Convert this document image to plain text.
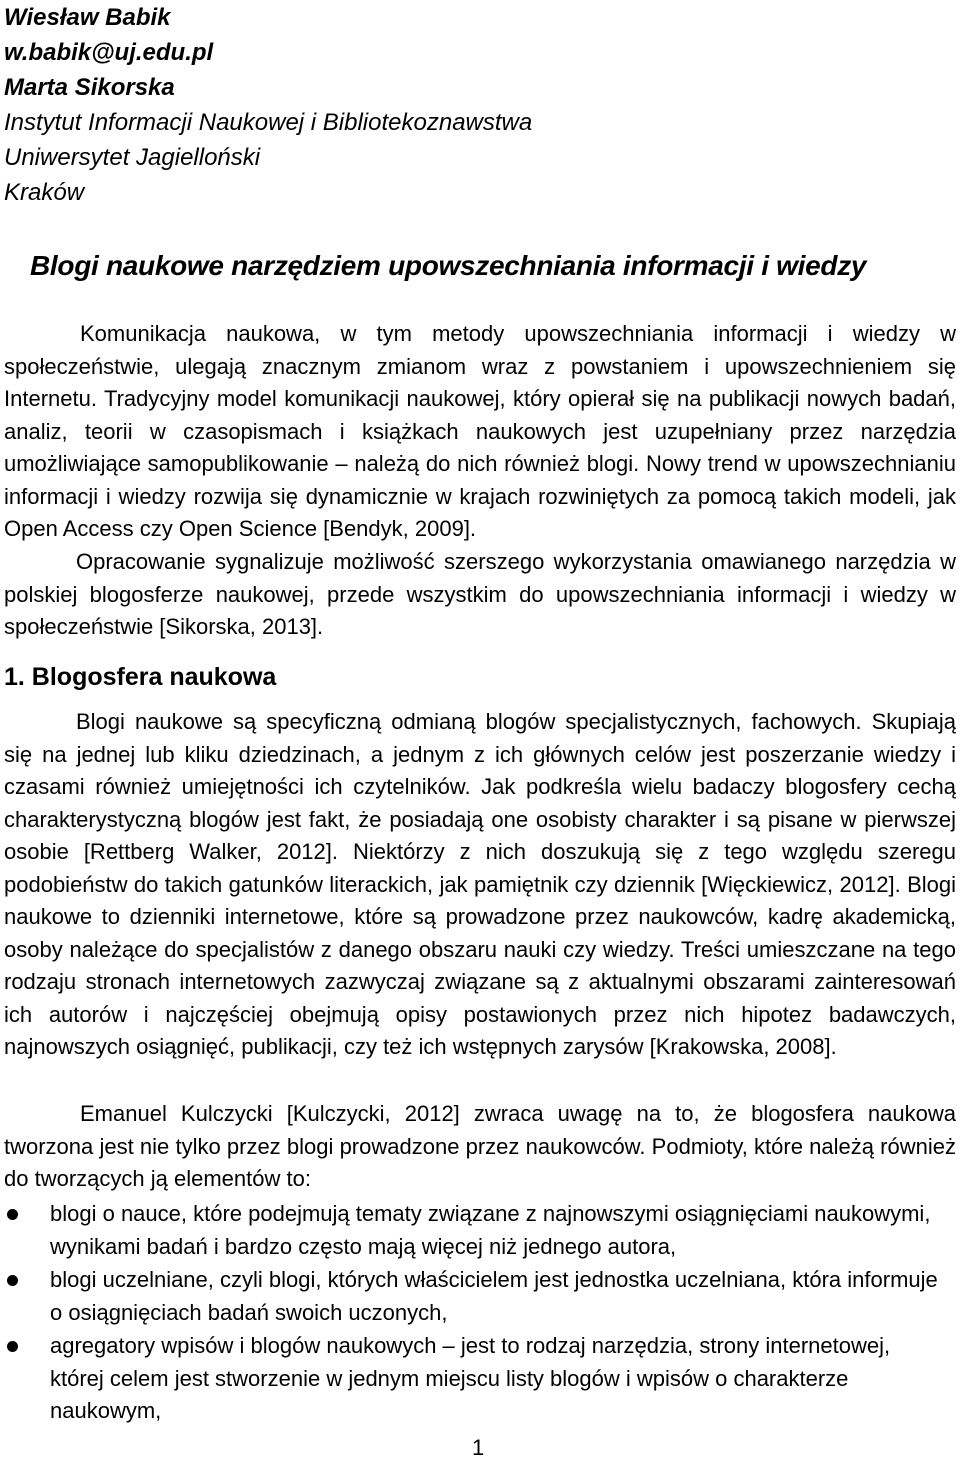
Wiesław Babik
w.babik@uj.edu.pl
Marta Sikorska
Instytut Informacji Naukowej i Bibliotekoznawstwa
Uniwersytet Jagielloński
Kraków
Blogi naukowe narzędziem upowszechniania informacji i wiedzy

Komunikacja naukowa, w tym metody upowszechniania informacji i wiedzy w społeczeństwie, ulegają znacznym zmianom wraz z powstaniem i upowszechnieniem się Internetu. Tradycyjny model komunikacji naukowej, który opierał się na publikacji nowych badań, analiz, teorii w czasopismach i książkach naukowych jest uzupełniany przez narzędzia umożliwiające samopublikowanie – należą do nich również blogi. Nowy trend w upowszechnianiu informacji i wiedzy rozwija się dynamicznie w krajach rozwiniętych za pomocą takich modeli, jak Open Access czy Open Science [Bendyk, 2009].

Opracowanie sygnalizuje możliwość szerszego wykorzystania omawianego narzędzia w polskiej blogosferze naukowej, przede wszystkim do upowszechniania informacji i wiedzy w społeczeństwie [Sikorska, 2013].

1. Blogosfera naukowa

Blogi naukowe są specyficzną odmianą blogów specjalistycznych, fachowych. Skupiają się na jednej lub kliku dziedzinach, a jednym z ich głównych celów jest poszerzanie wiedzy i czasami również umiejętności ich czytelników. Jak podkreśla wielu badaczy blogosfery cechą charakterystyczną blogów jest fakt, że posiadają one osobisty charakter i są pisane w pierwszej osobie [Rettberg Walker, 2012]. Niektórzy z nich doszukują się z tego względu szeregu podobieństw do takich gatunków literackich, jak pamiętnik czy dziennik [Więckiewicz, 2012]. Blogi naukowe to dzienniki internetowe, które są prowadzone przez naukowców, kadrę akademicką, osoby należące do specjalistów z danego obszaru nauki czy wiedzy. Treści umieszczane na tego rodzaju stronach internetowych zazwyczaj związane są z aktualnymi obszarami zainteresowań ich autorów i najczęściej obejmują opisy postawionych przez nich hipotez badawczych, najnowszych osiągnięć, publikacji, czy też ich wstępnych zarysów [Krakowska, 2008].

Emanuel Kulczycki [Kulczycki, 2012] zwraca uwagę na to, że blogosfera naukowa tworzona jest nie tylko przez blogi prowadzone przez naukowców. Podmioty, które należą również do tworzących ją elementów to:

blogi o nauce, które podejmują tematy związane z najnowszymi osiągnięciami naukowymi, wynikami badań i bardzo często mają więcej niż jednego autora,
blogi uczelniane, czyli blogi, których właścicielem jest jednostka uczelniana, która informuje o osiągnięciach badań swoich uczonych,
agregatory wpisów i blogów naukowych – jest to rodzaj narzędzia, strony internetowej, której celem jest stworzenie w jednym miejscu listy blogów i wpisów o charakterze naukowym,
1
